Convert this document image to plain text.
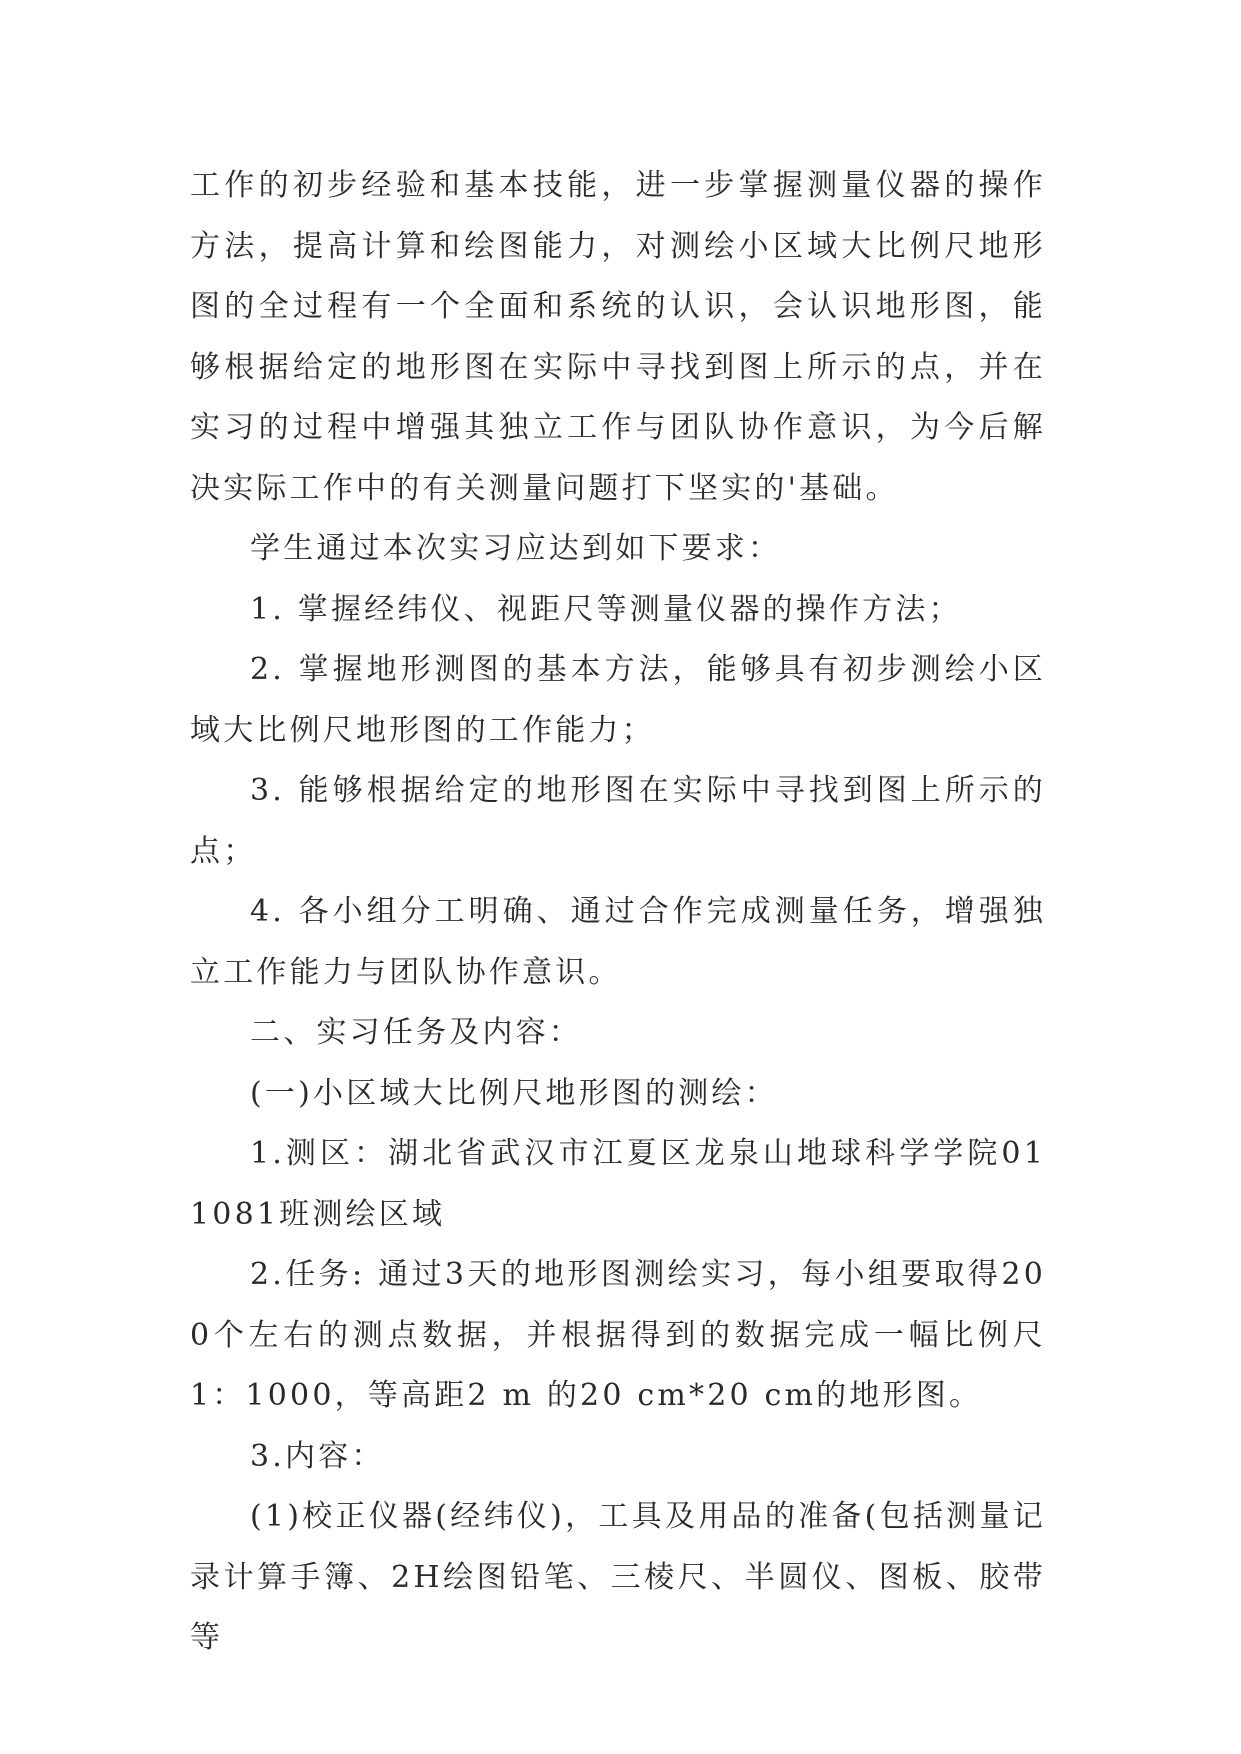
工作的初步经验和基本技能，进一步掌握测量仪器的操作方法，提高计算和绘图能力，对测绘小区域大比例尺地形图的全过程有一个全面和系统的认识，会认识地形图，能够根据给定的地形图在实际中寻找到图上所示的点，并在实习的过程中增强其独立工作与团队协作意识，为今后解决实际工作中的有关测量问题打下坚实的'基础。

学生通过本次实习应达到如下要求：

1. 掌握经纬仪、视距尺等测量仪器的操作方法；

2. 掌握地形测图的基本方法，能够具有初步测绘小区域大比例尺地形图的工作能力；

3. 能够根据给定的地形图在实际中寻找到图上所示的点；

4. 各小组分工明确、通过合作完成测量任务，增强独立工作能力与团队协作意识。

二、实习任务及内容：

(一)小区域大比例尺地形图的测绘：

1.测区：湖北省武汉市江夏区龙泉山地球科学学院011081班测绘区域

2.任务: 通过3天的地形图测绘实习，每小组要取得200个左右的测点数据，并根据得到的数据完成一幅比例尺1：1000，等高距2 m 的20 cm*20 cm的地形图。

3.内容：

(1)校正仪器(经纬仪)，工具及用品的准备(包括测量记录计算手簿、2H绘图铅笔、三棱尺、半圆仪、图板、胶带等
